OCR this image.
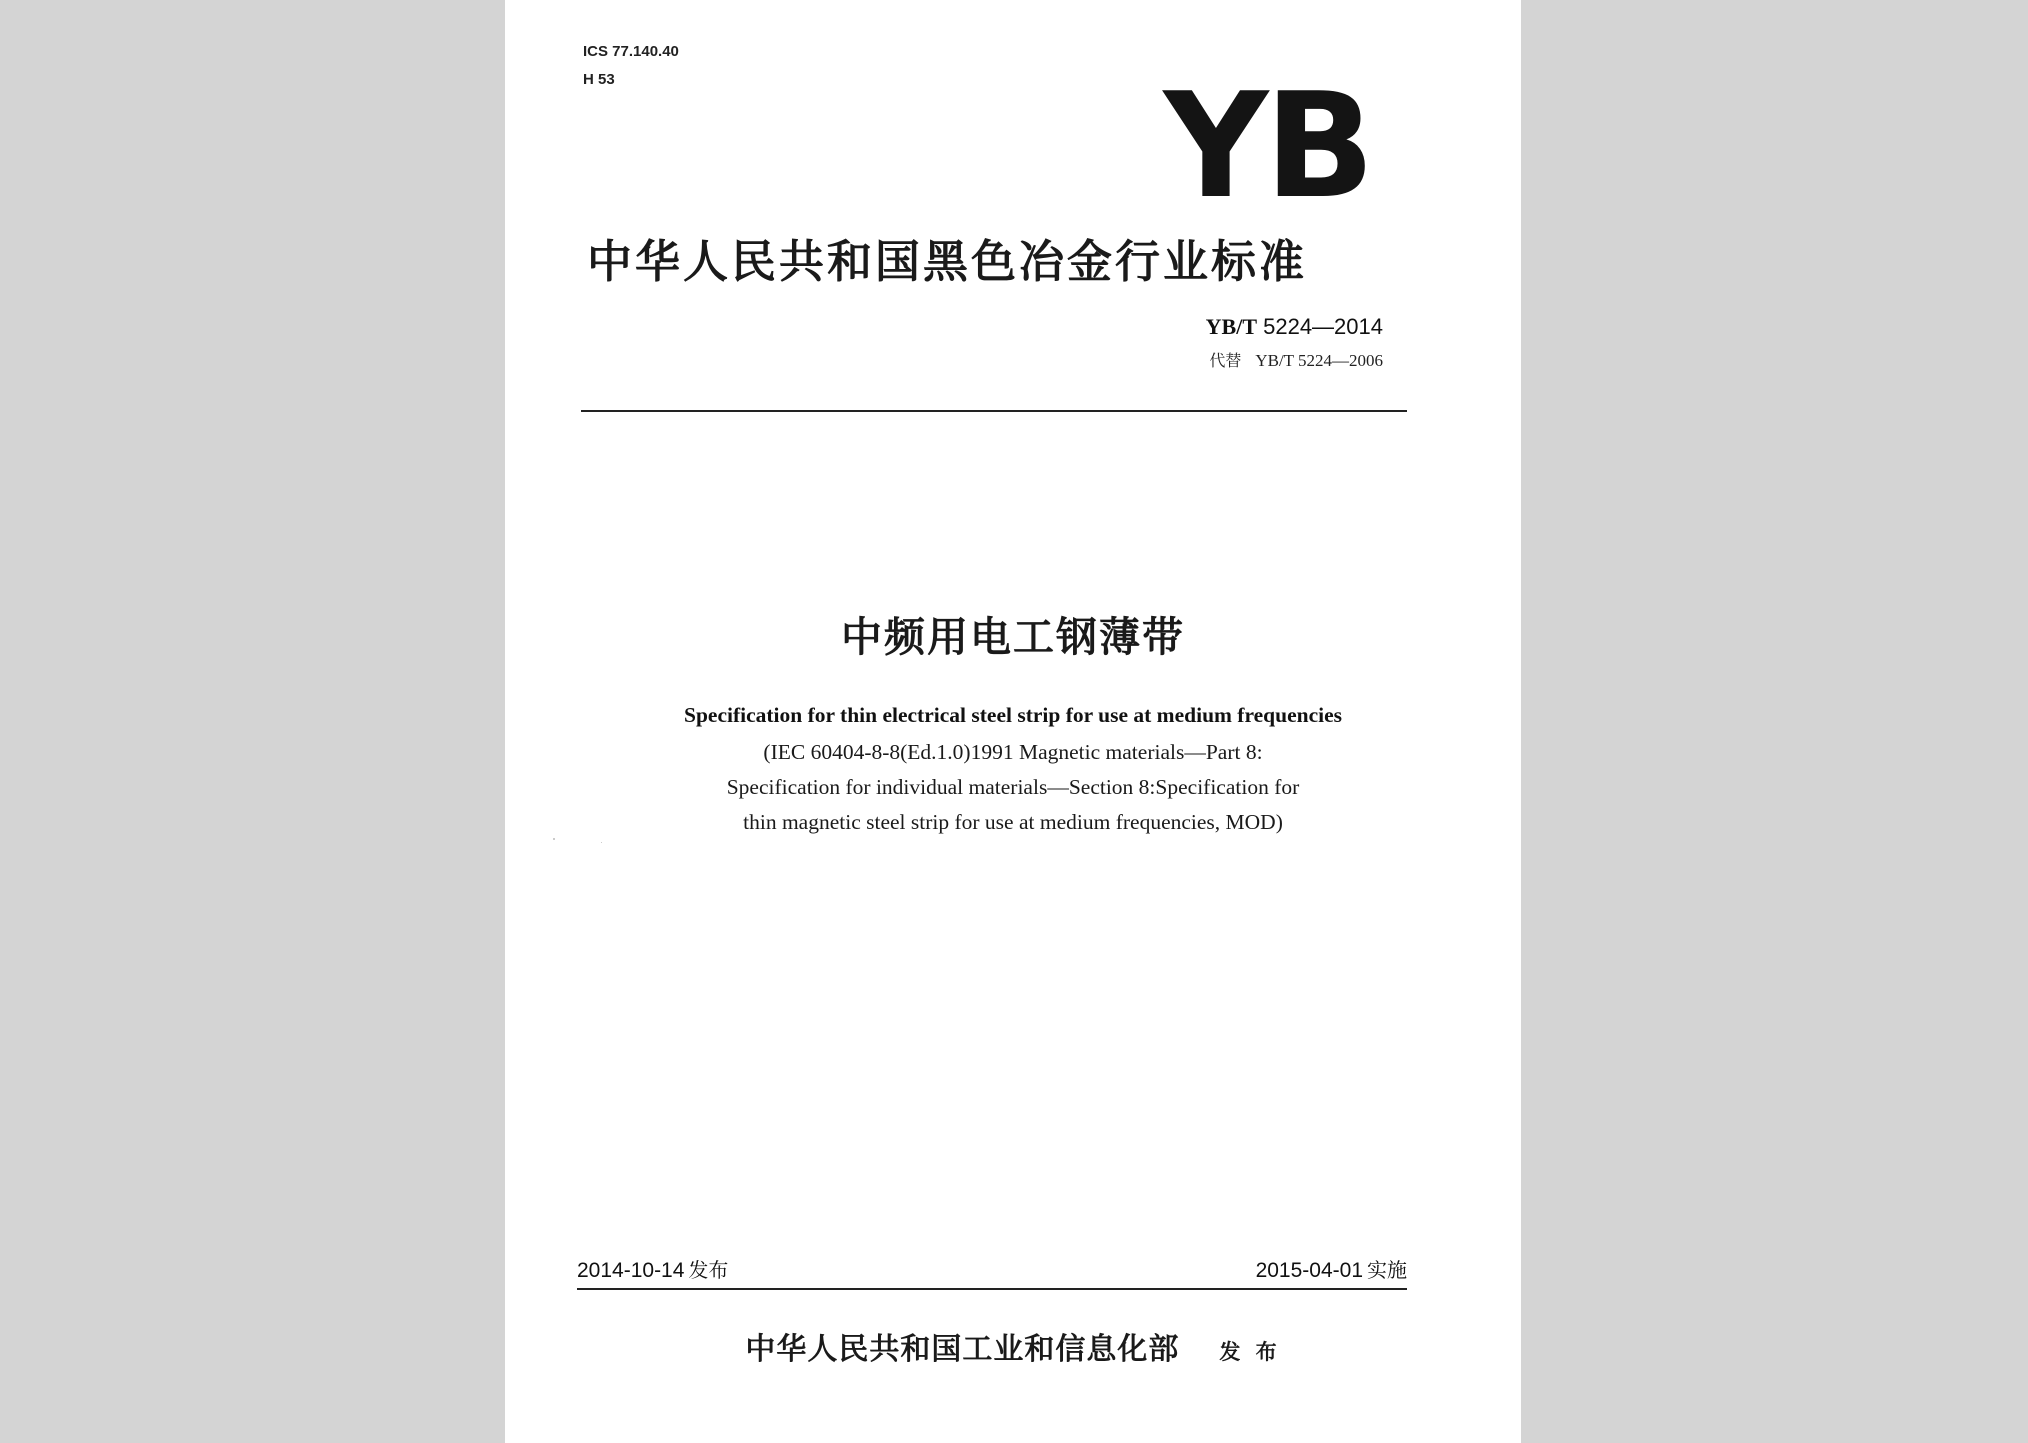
ICS 77.140.40
H 53	YB
中华人民共和国黑色冶金行业标准
YB/T 5224—2014
代替 YB/T 5224—2006
中频用电工钢薄带
Specification for thin electrical steel strip for use at medium frequencies
(IEC 60404-8-8(Ed.1.0)1991 Magnetic materials—Part 8:
Specification for individual materials—Section 8:Specification for
thin magnetic steel strip for use at medium frequencies, MOD)
2014-10-14 发布	2015-04-01 实施
中华人民共和国工业和信息化部 发 布
